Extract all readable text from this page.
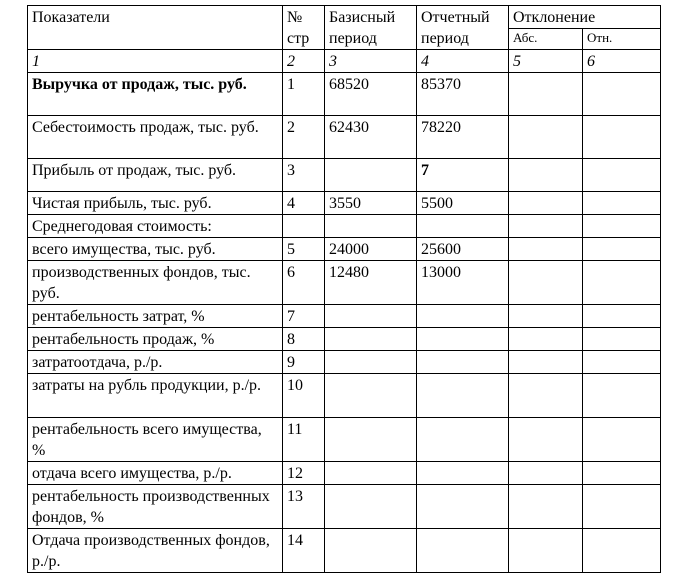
Показатели	№ стр	Базисный период	Отчетный период	Отклонение	
				Абс.	Отн.
1	2	3	4	5	6
Выручка от продаж, тыс. руб.	1	68520	85370		
Себестоимость продаж, тыс. руб.	2	62430	78220		
Прибыль от продаж, тыс. руб.	3		7		
Чистая прибыль, тыс. руб.	4	3550	5500		
Среднегодовая стоимость:					
всего имущества, тыс. руб.	5	24000	25600		
производственных фондов, тыс. руб.	6	12480	13000		
рентабельность затрат, %	7				
рентабельность продаж, %	8				
затратоотдача, р./р.	9				
затраты на рубль продукции, р./р.	10				
рентабельность всего имущества, %	11				
отдача всего имущества, р./р.	12				
рентабельность производственных фондов, %	13				
Отдача производственных фондов, р./р.	14				
